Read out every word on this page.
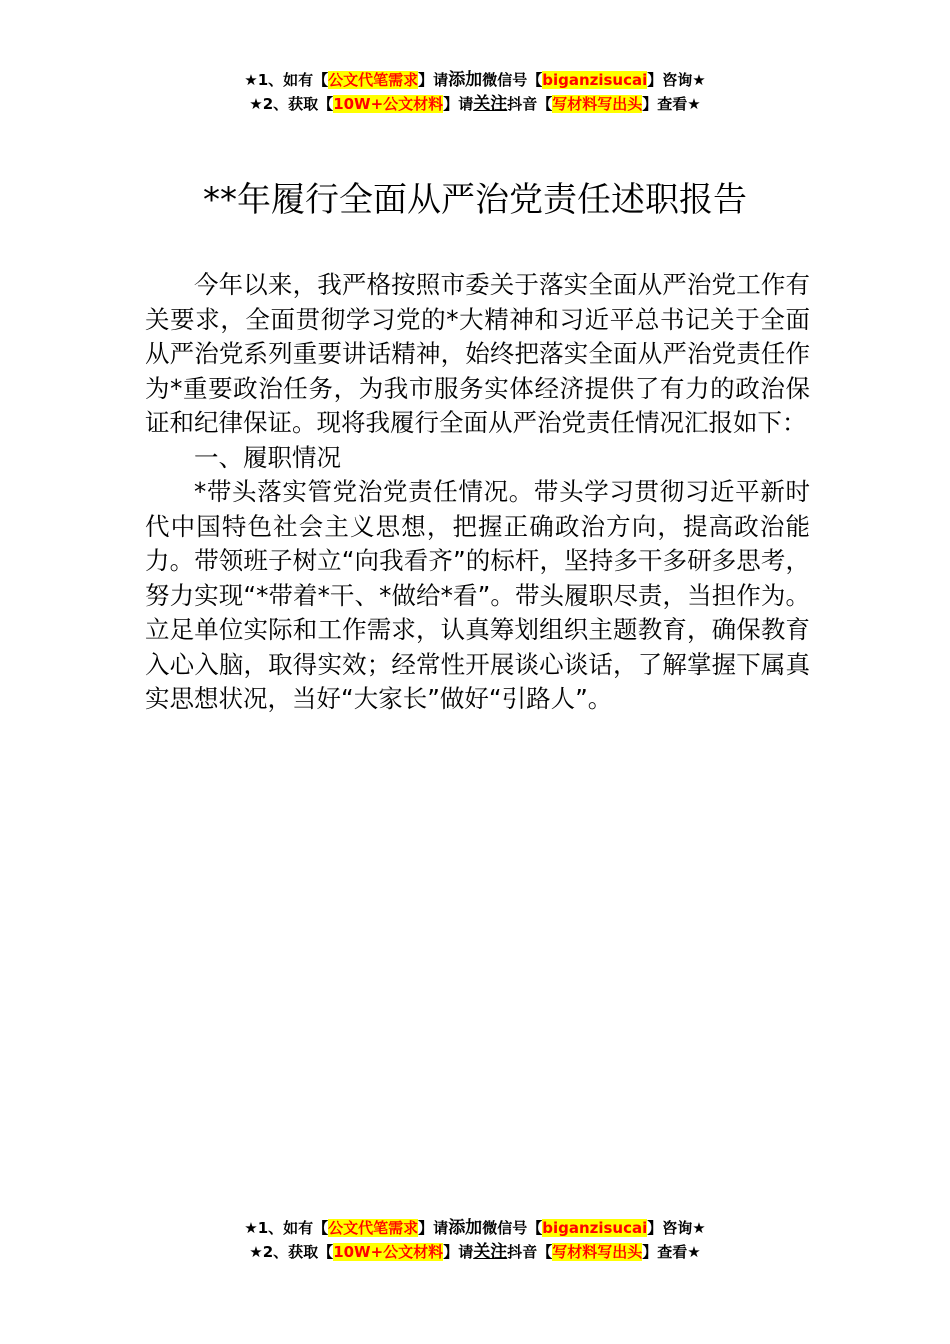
★1、如有【公文代笔需求】请添加微信号【biganzisucai】咨询★
★2、获取【10W+公文材料】请关注抖音【写材料写出头】查看★
**年履行全面从严治党责任述职报告

今年以来，我严格按照市委关于落实全面从严治党工作有关要求，全面贯彻学习党的*大精神和习近平总书记关于全面从严治党系列重要讲话精神，始终把落实全面从严治党责任作为*重要政治任务，为我市服务实体经济提供了有力的政治保证和纪律保证。现将我履行全面从严治党责任情况汇报如下：

一、履职情况

*带头落实管党治党责任情况。带头学习贯彻习近平新时代中国特色社会主义思想，把握正确政治方向，提高政治能力。带领班子树立“向我看齐”的标杆，坚持多干多研多思考，努力实现“*带着*干、*做给*看”。带头履职尽责，当担作为。立足单位实际和工作需求，认真筹划组织主题教育，确保教育入心入脑，取得实效；经常性开展谈心谈话，了解掌握下属真实思想状况，当好“大家长”做好“引路人”。

★1、如有【公文代笔需求】请添加微信号【biganzisucai】咨询★
★2、获取【10W+公文材料】请关注抖音【写材料写出头】查看★
